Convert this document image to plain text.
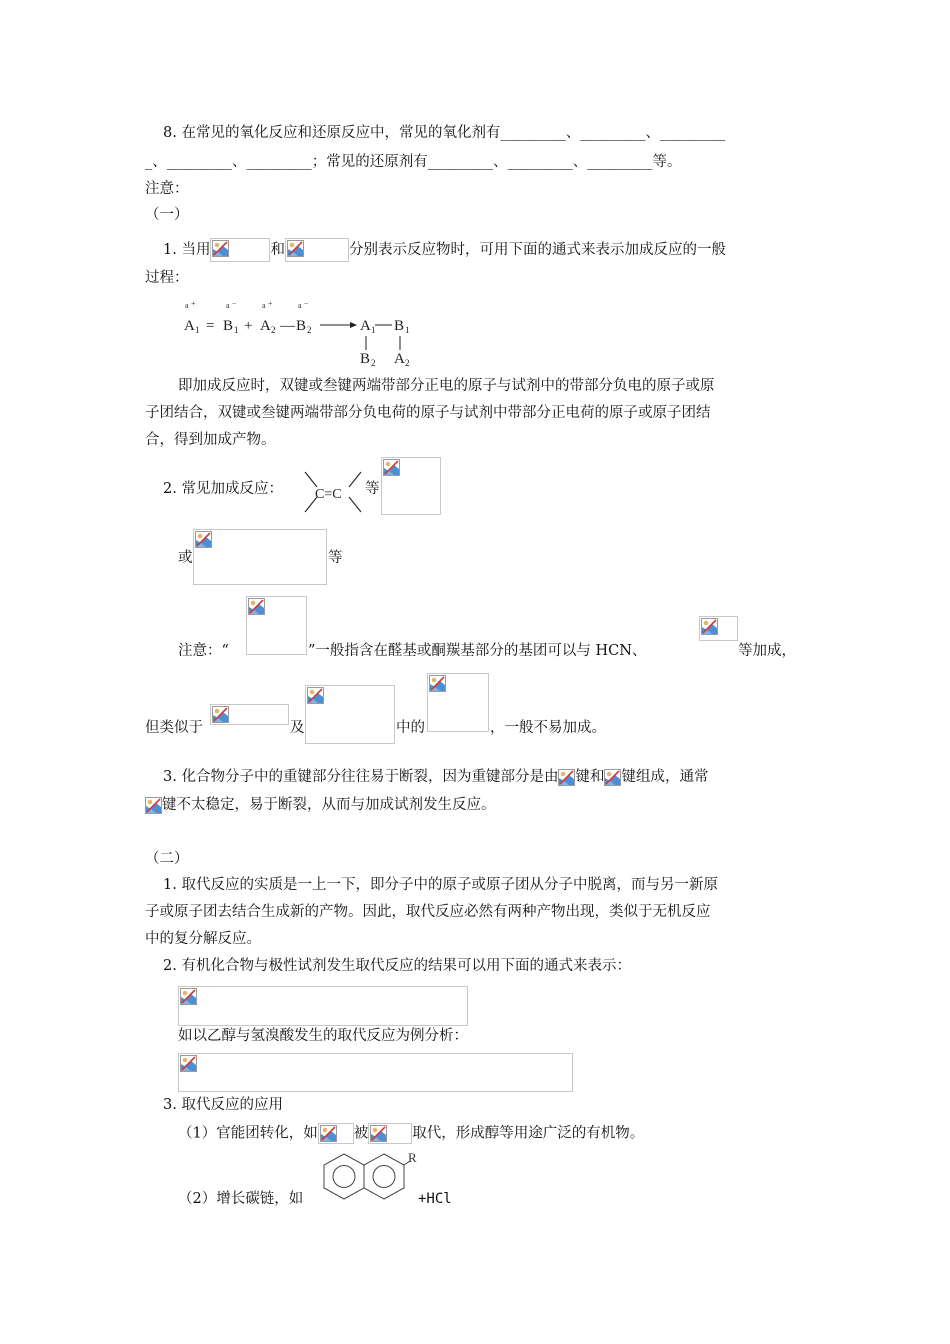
8. 在常见的氧化反应和还原反应中，常见的氧化剂有_________、_________、_________
_、_________、_________；常见的还原剂有_________、_________、_________等。
注意：
（一）
1. 当用	和	分别表示反应物时，可用下面的通式来表示加成反应的一般
过程：
a +	a −	a +	a −
A 1 = B 1 + A 2 — B 2	A 1 B 1
B 2 A 2
即加成反应时，双键或叁键两端带部分正电的原子与试剂中的带部分负电的原子或原
子团结合，双键或叁键两端带部分负电荷的原子与试剂中带部分正电荷的原子或原子团结
合，得到加成产物。
2. 常见加成反应： C=C 等
或	等
注意：“	”一般指含在醛基或酮羰基部分的基团可以与 HCN、	等加成，
但类似于	及	中的	，一般不易加成。
3. 化合物分子中的重键部分往往易于断裂，因为重键部分是由 键和 键组成，通常
键不太稳定，易于断裂，从而与加成试剂发生反应。
（二）
1. 取代反应的实质是一上一下，即分子中的原子或原子团从分子中脱离，而与另一新原
子或原子团去结合生成新的产物。因此，取代反应必然有两种产物出现，类似于无机反应
中的复分解反应。
2. 有机化合物与极性试剂发生取代反应的结果可以用下面的通式来表示：
如以乙醇与氢溴酸发生的取代反应为例分析：
3. 取代反应的应用
（1）官能团转化，如 被	取代，形成醇等用途广泛的有机物。
（2）增长碳链，如
R
+HCl
